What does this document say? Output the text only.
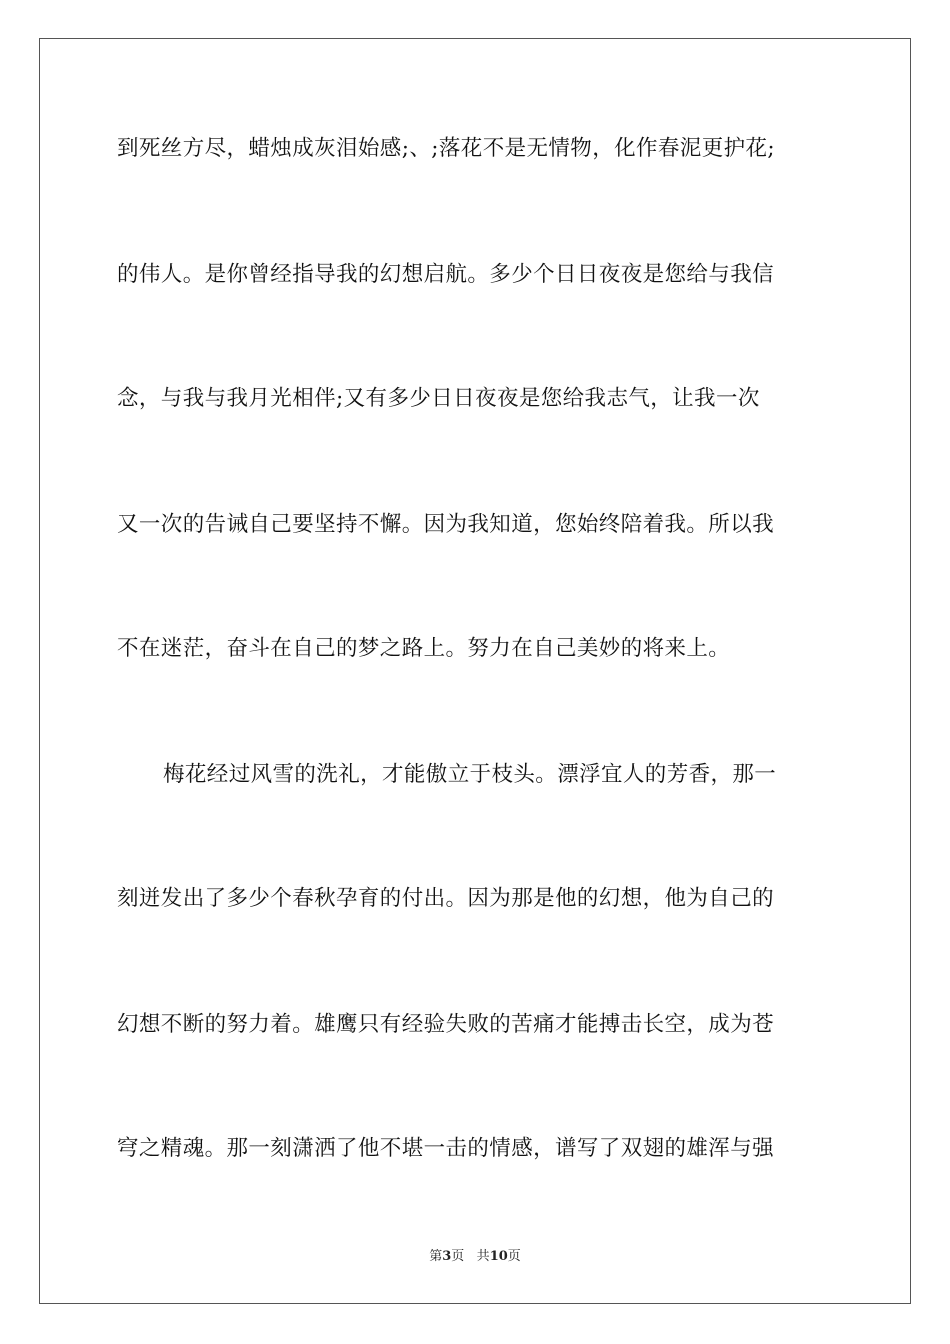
到死丝方尽，蜡烛成灰泪始感;、;落花不是无情物，化作春泥更护花;
的伟人。是你曾经指导我的幻想启航。多少个日日夜夜是您给与我信
念，与我与我月光相伴;又有多少日日夜夜是您给我志气，让我一次
又一次的告诫自己要坚持不懈。因为我知道，您始终陪着我。所以我
不在迷茫，奋斗在自己的梦之路上。努力在自己美妙的将来上。
梅花经过风雪的洗礼，才能傲立于枝头。漂浮宜人的芳香，那一
刻迸发出了多少个春秋孕育的付出。因为那是他的幻想，他为自己的
幻想不断的努力着。雄鹰只有经验失败的苦痛才能搏击长空，成为苍
穹之精魂。那一刻潇洒了他不堪一击的情感，谱写了双翅的雄浑与强
第3页 共10页
